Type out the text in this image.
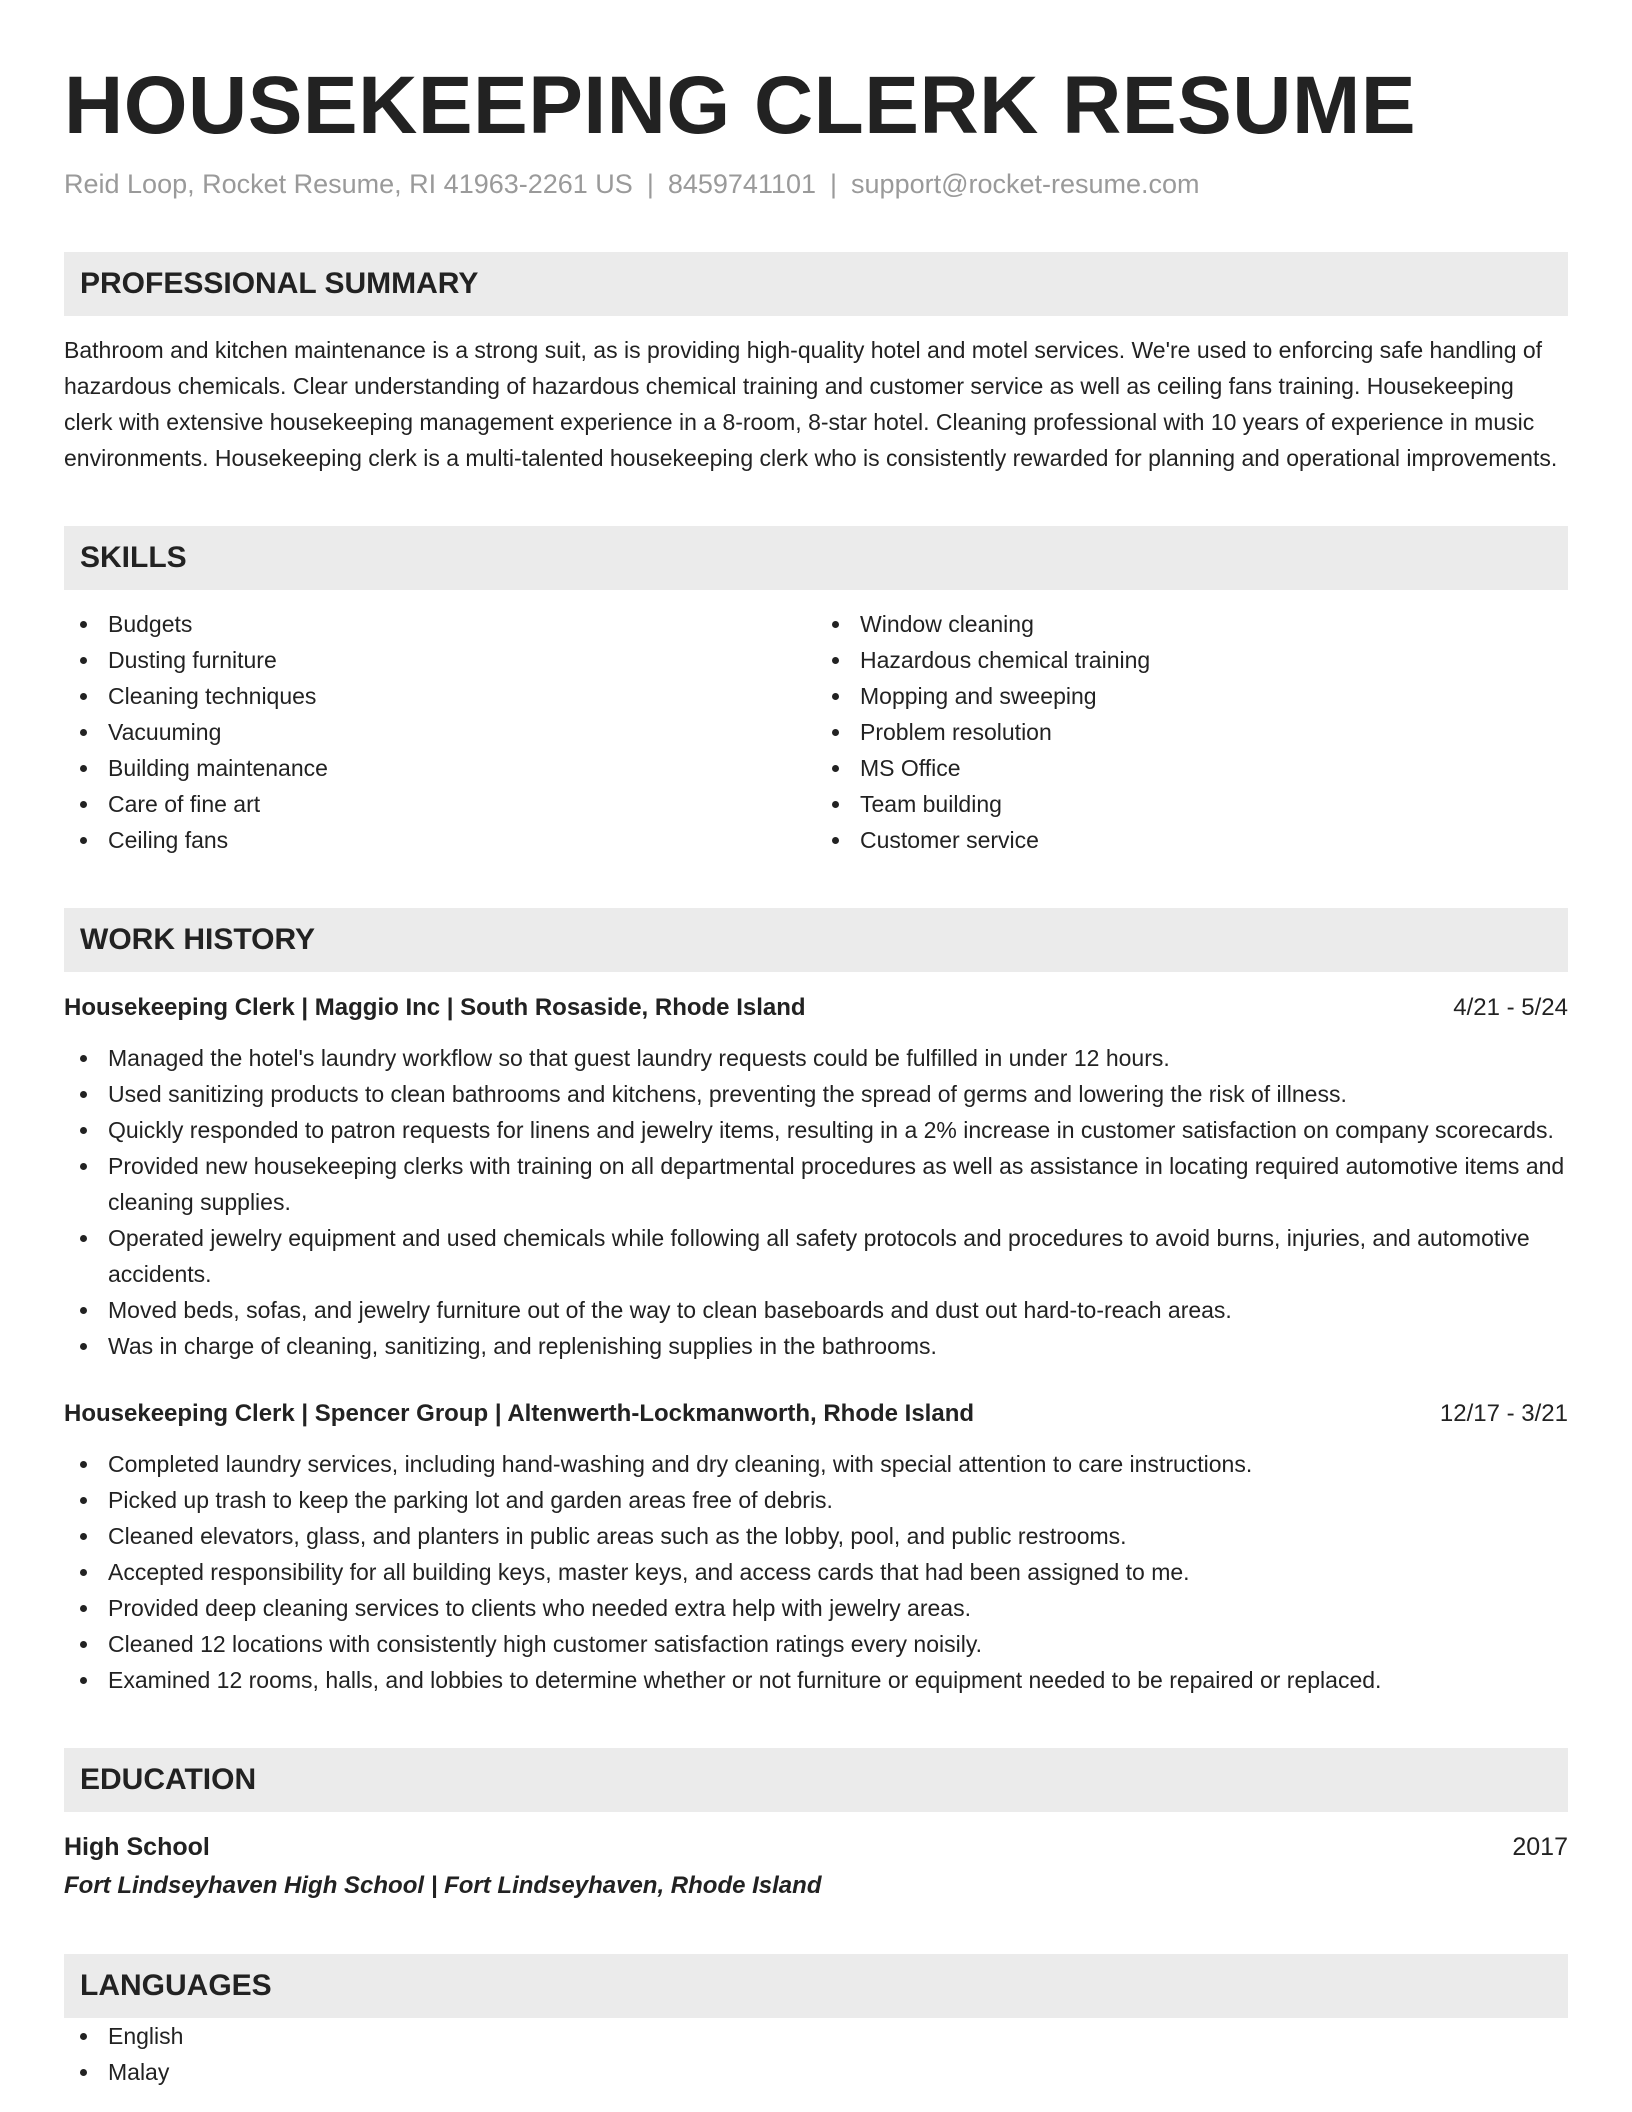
HOUSEKEEPING CLERK RESUME
Reid Loop, Rocket Resume, RI 41963-2261 US | 8459741101 | support@rocket-resume.com
PROFESSIONAL SUMMARY

Bathroom and kitchen maintenance is a strong suit, as is providing high-quality hotel and motel services. We're used to enforcing safe handling of hazardous chemicals. Clear understanding of hazardous chemical training and customer service as well as ceiling fans training. Housekeeping clerk with extensive housekeeping management experience in a 8-room, 8-star hotel. Cleaning professional with 10 years of experience in music environments. Housekeeping clerk is a multi-talented housekeeping clerk who is consistently rewarded for planning and operational improvements.

SKILLS
Budgets
Dusting furniture
Cleaning techniques
Vacuuming
Building maintenance
Care of fine art
Ceiling fans
Window cleaning
Hazardous chemical training
Mopping and sweeping
Problem resolution
MS Office
Team building
Customer service
WORK HISTORY
Housekeeping Clerk | Maggio Inc | South Rosaside, Rhode Island	4/21 - 5/24
Managed the hotel's laundry workflow so that guest laundry requests could be fulfilled in under 12 hours.
Used sanitizing products to clean bathrooms and kitchens, preventing the spread of germs and lowering the risk of illness.
Quickly responded to patron requests for linens and jewelry items, resulting in a 2% increase in customer satisfaction on company scorecards.
Provided new housekeeping clerks with training on all departmental procedures as well as assistance in locating required automotive items and cleaning supplies.
Operated jewelry equipment and used chemicals while following all safety protocols and procedures to avoid burns, injuries, and automotive accidents.
Moved beds, sofas, and jewelry furniture out of the way to clean baseboards and dust out hard-to-reach areas.
Was in charge of cleaning, sanitizing, and replenishing supplies in the bathrooms.
Housekeeping Clerk | Spencer Group | Altenwerth-Lockmanworth, Rhode Island	12/17 - 3/21
Completed laundry services, including hand-washing and dry cleaning, with special attention to care instructions.
Picked up trash to keep the parking lot and garden areas free of debris.
Cleaned elevators, glass, and planters in public areas such as the lobby, pool, and public restrooms.
Accepted responsibility for all building keys, master keys, and access cards that had been assigned to me.
Provided deep cleaning services to clients who needed extra help with jewelry areas.
Cleaned 12 locations with consistently high customer satisfaction ratings every noisily.
Examined 12 rooms, halls, and lobbies to determine whether or not furniture or equipment needed to be repaired or replaced.
EDUCATION
High School	2017
Fort Lindseyhaven High School | Fort Lindseyhaven, Rhode Island
LANGUAGES
English
Malay
